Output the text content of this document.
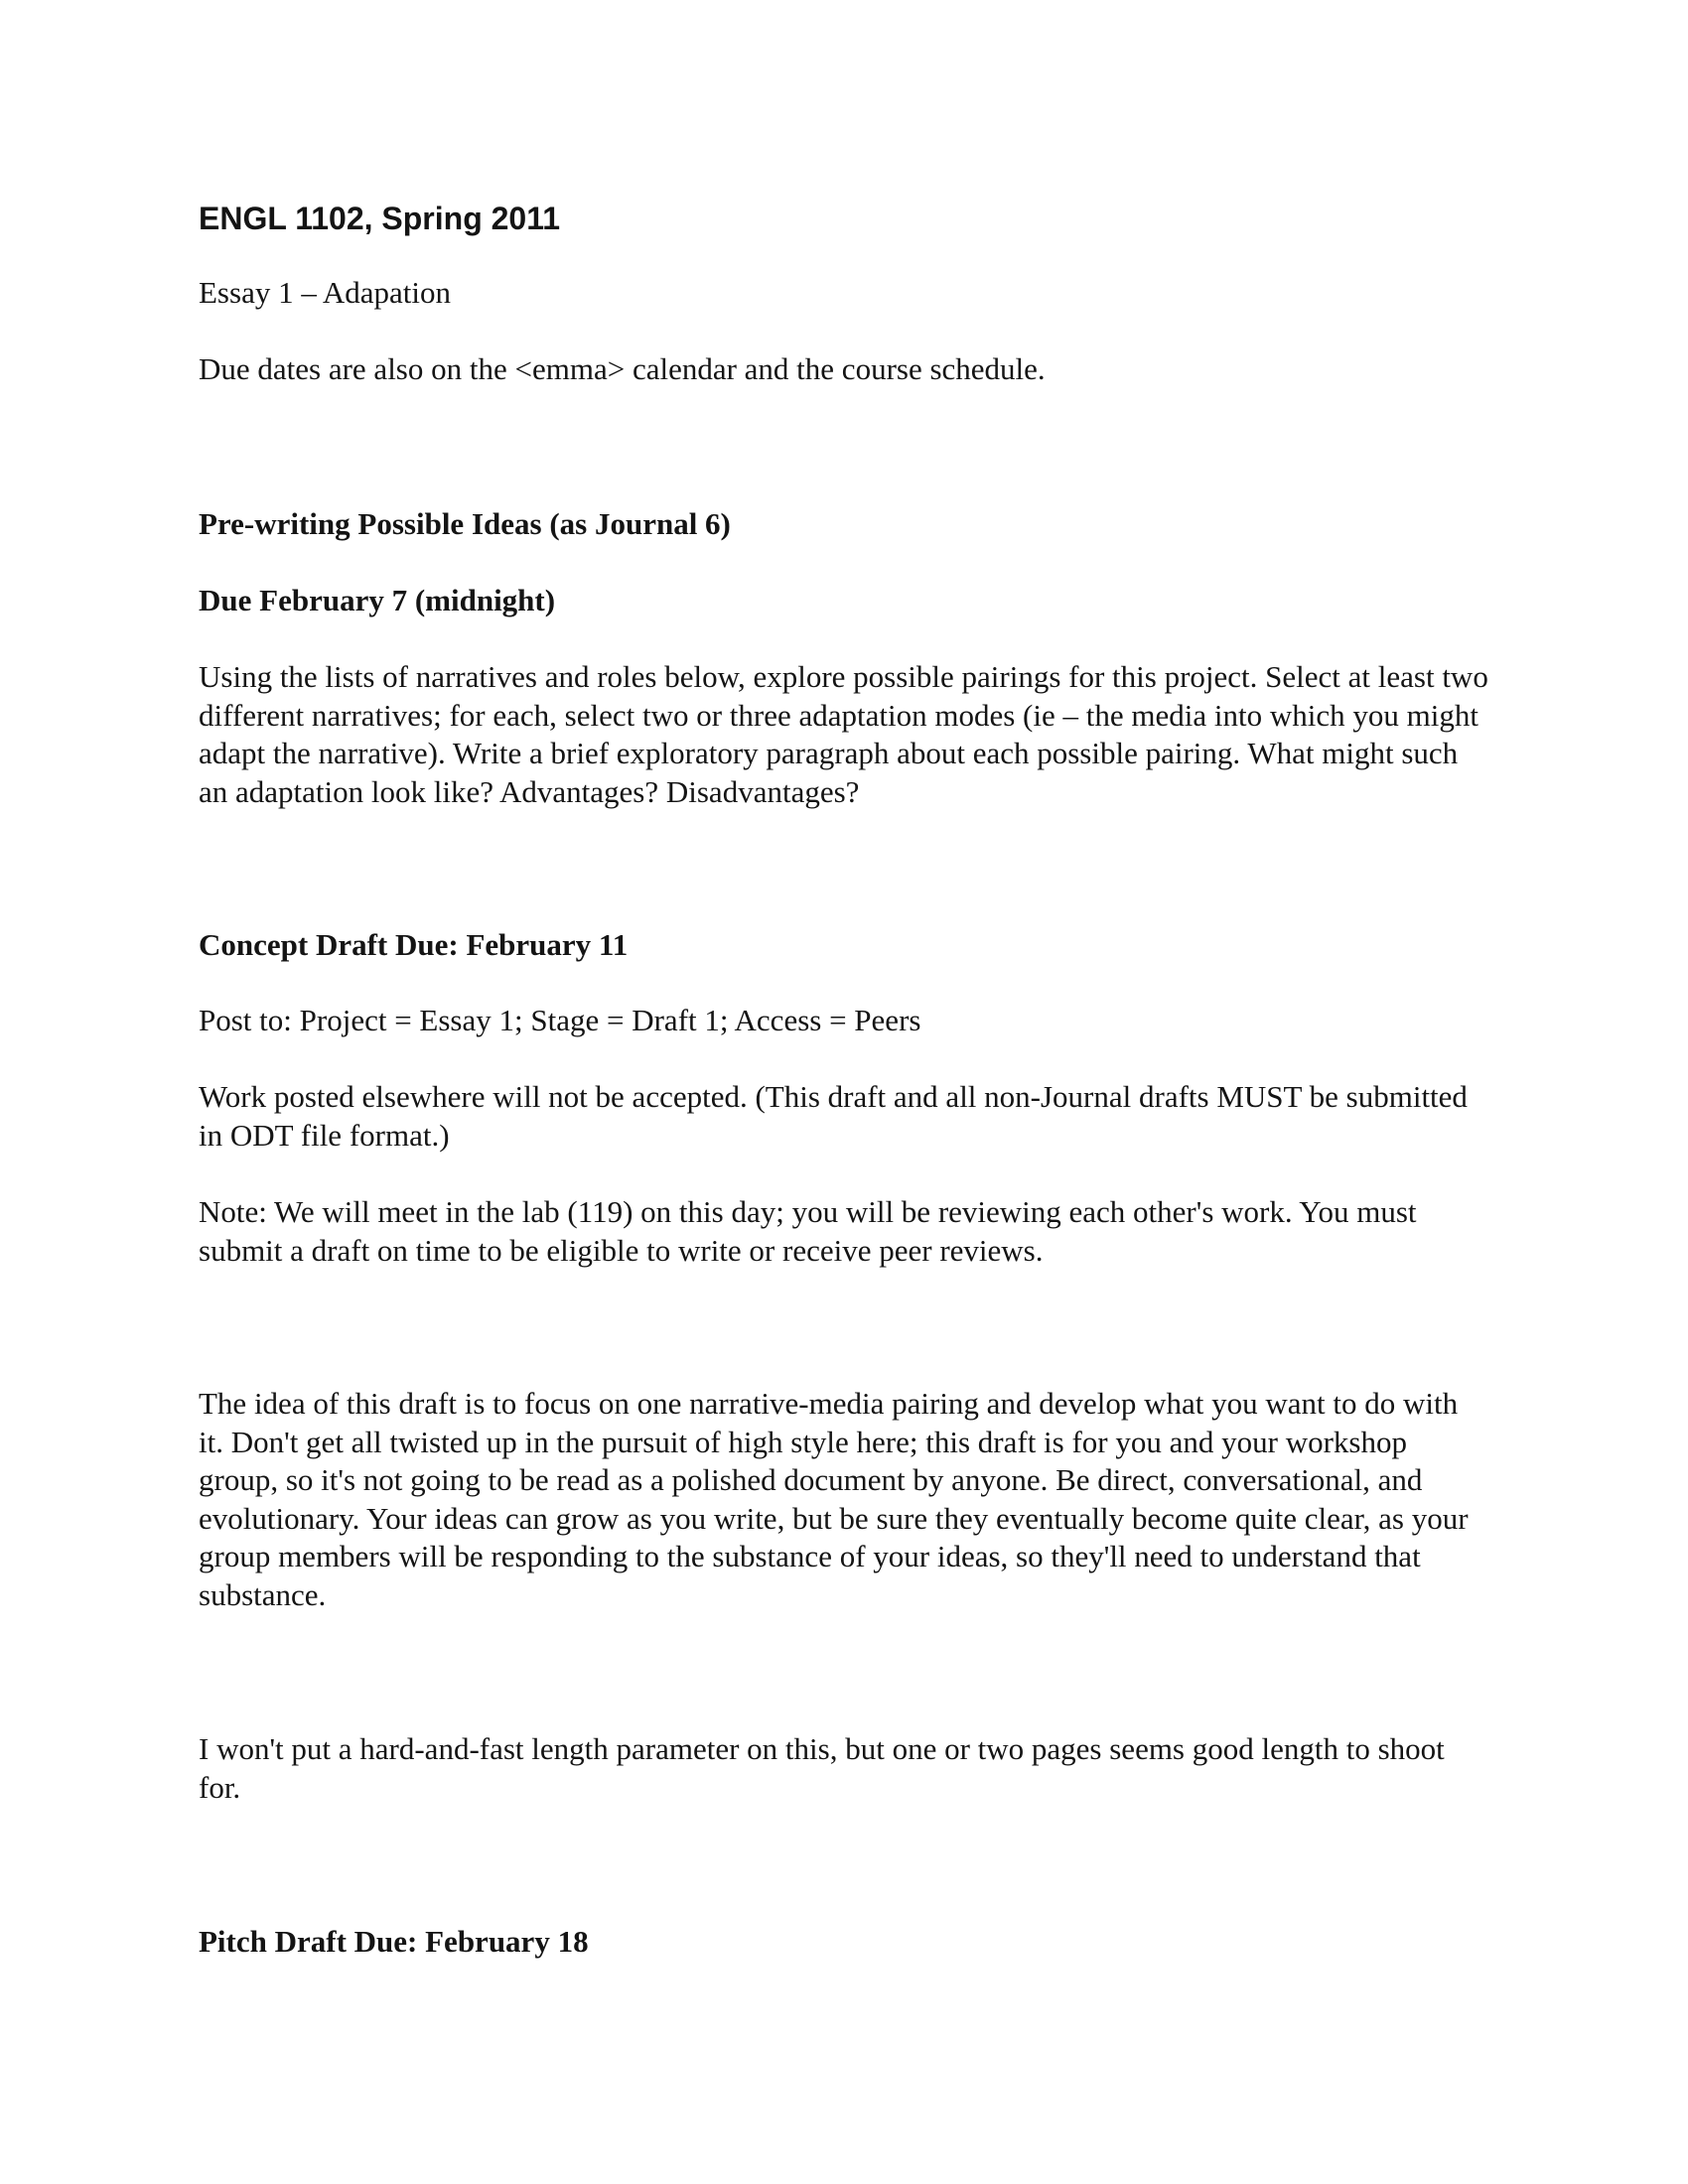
ENGL 1102, Spring 2011
Essay 1 – Adapation
Due dates are also on the <emma> calendar and the course schedule.
Pre-writing Possible Ideas (as Journal 6)
Due February 7 (midnight)
Using the lists of narratives and roles below, explore possible pairings for this project. Select at least two different narratives; for each, select two or three adaptation modes (ie – the media into which you might adapt the narrative). Write a brief exploratory paragraph about each possible pairing. What might such an adaptation look like? Advantages? Disadvantages?
Concept Draft Due: February 11
Post to: Project = Essay 1; Stage = Draft 1; Access = Peers
Work posted elsewhere will not be accepted. (This draft and all non-Journal drafts MUST be submitted in ODT file format.)
Note: We will meet in the lab (119) on this day; you will be reviewing each other's work. You must submit a draft on time to be eligible to write or receive peer reviews.
The idea of this draft is to focus on one narrative-media pairing and develop what you want to do with it. Don't get all twisted up in the pursuit of high style here; this draft is for you and your workshop group, so it's not going to be read as a polished document by anyone. Be direct, conversational, and evolutionary. Your ideas can grow as you write, but be sure they eventually become quite clear, as your group members will be responding to the substance of your ideas, so they'll need to understand that substance.
I won't put a hard-and-fast length parameter on this, but one or two pages seems good length to shoot for.
Pitch Draft Due: February 18
